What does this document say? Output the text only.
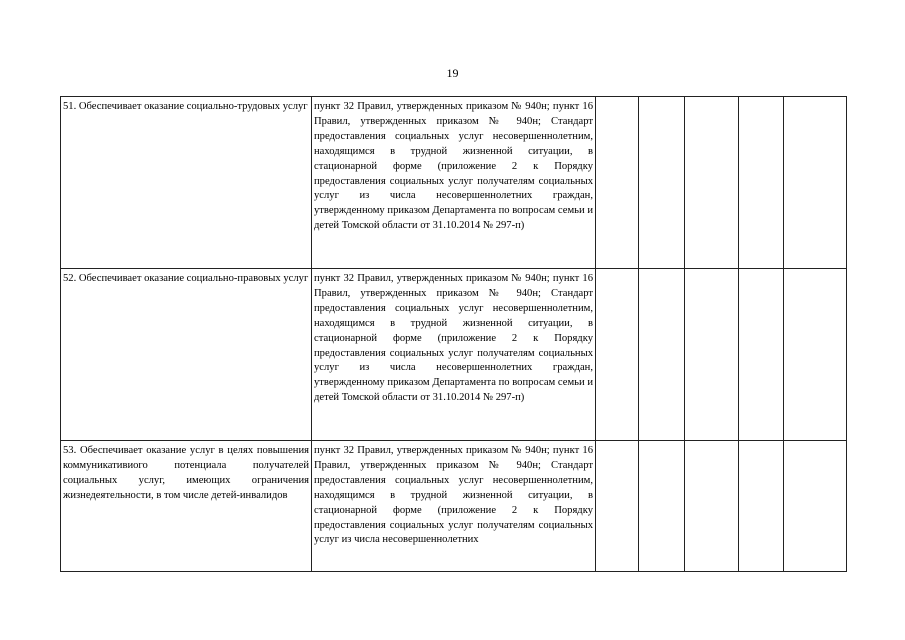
19
51. Обеспечивает оказание социально-трудовых услуг	пункт 32 Правил, утвержденных приказом № 940н; пункт 16 Правил, утвержденных приказом № 940н; Стандарт предоставления социальных услуг несовершеннолетним, находящимся в трудной жизненной ситуации, в стационарной форме (приложение 2 к Порядку предоставления социальных услуг получателям социальных услуг из числа несовершеннолетних граждан, утвержденному приказом Департамента по вопросам семьи и детей Томской области от 31.10.2014 № 297-п)					
52. Обеспечивает оказание социально-правовых услуг	пункт 32 Правил, утвержденных приказом № 940н; пункт 16 Правил, утвержденных приказом № 940н; Стандарт предоставления социальных услуг несовершеннолетним, находящимся в трудной жизненной ситуации, в стационарной форме (приложение 2 к Порядку предоставления социальных услуг получателям социальных услуг из числа несовершеннолетних граждан, утвержденному приказом Департамента по вопросам семьи и детей Томской области от 31.10.2014 № 297-п)					
53. Обеспечивает оказание услуг в целях повышения коммуникативиого потенциала получателей социальных услуг, имеющих ограничения жизнедеятельности, в том числе детей-инвалидов	пункт 32 Правил, утвержденных приказом № 940н; пункт 16 Правил, утвержденных приказом № 940н; Стандарт предоставления социальных услуг несовершеннолетним, находящимся в трудной жизненной ситуации, в стационарной форме (приложение 2 к Порядку предоставления социальных услуг получателям социальных услуг из числа несовершеннолетних					
